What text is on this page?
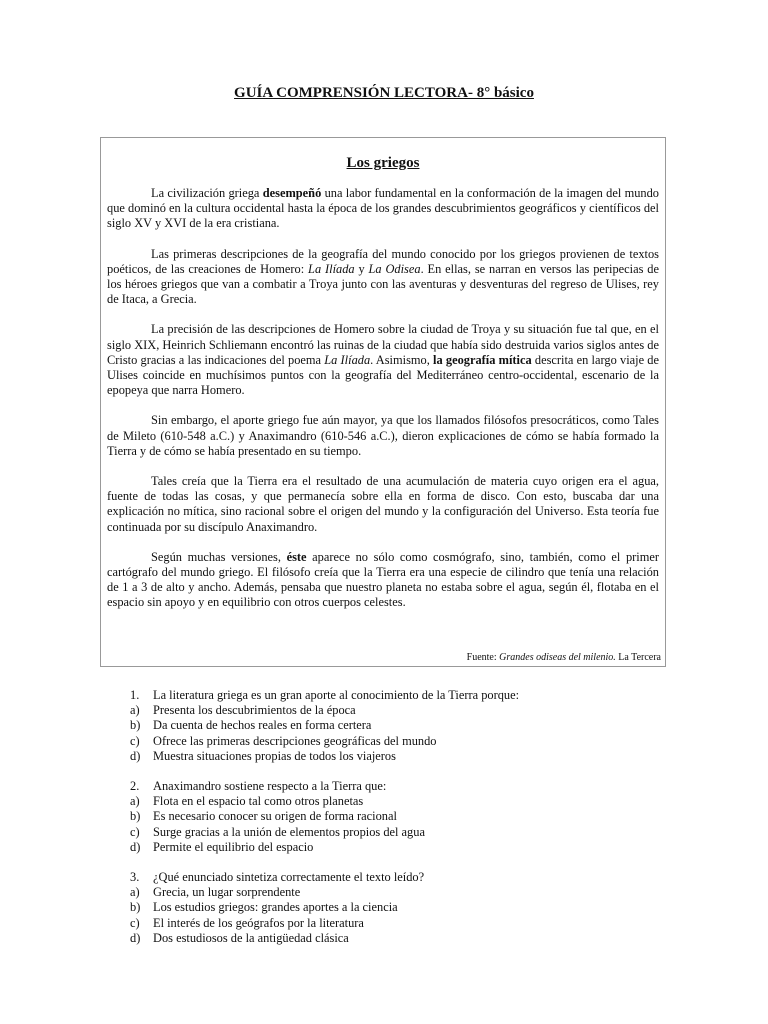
GUÍA COMPRENSIÓN LECTORA- 8° básico
Los griegos

La civilización griega desempeñó una labor fundamental en la conformación de la imagen del mundo que dominó en la cultura occidental hasta la época de los grandes descubrimientos geográficos y científicos del siglo XV y XVI de la era cristiana.

Las primeras descripciones de la geografía del mundo conocido por los griegos provienen de textos poéticos, de las creaciones de Homero: La Ilíada y La Odisea. En ellas, se narran en versos las peripecias de los héroes griegos que van a combatir a Troya junto con las aventuras y desventuras del regreso de Ulises, rey de Itaca, a Grecia.

La precisión de las descripciones de Homero sobre la ciudad de Troya y su situación fue tal que, en el siglo XIX, Heinrich Schliemann encontró las ruinas de la ciudad que había sido destruida varios siglos antes de Cristo gracias a las indicaciones del poema La Ilíada. Asimismo, la geografía mítica descrita en largo viaje de Ulises coincide en muchísimos puntos con la geografía del Mediterráneo centro-occidental, escenario de la epopeya que narra Homero.

Sin embargo, el aporte griego fue aún mayor, ya que los llamados filósofos presocráticos, como Tales de Mileto (610-548 a.C.) y Anaximandro (610-546 a.C.), dieron explicaciones de cómo se había formado la Tierra y de cómo se había presentado en su tiempo.

Tales creía que la Tierra era el resultado de una acumulación de materia cuyo origen era el agua, fuente de todas las cosas, y que permanecía sobre ella en forma de disco. Con esto, buscaba dar una explicación no mítica, sino racional sobre el origen del mundo y la configuración del Universo. Esta teoría fue continuada por su discípulo Anaximandro.

Según muchas versiones, éste aparece no sólo como cosmógrafo, sino, también, como el primer cartógrafo del mundo griego. El filósofo creía que la Tierra era una especie de cilindro que tenía una relación de 1 a 3 de alto y ancho. Además, pensaba que nuestro planeta no estaba sobre el agua, según él, flotaba en el espacio sin apoyo y en equilibrio con otros cuerpos celestes.

Fuente: Grandes odiseas del milenio. La Tercera
1.	La literatura griega es un gran aporte al conocimiento de la Tierra porque:
a)	Presenta los descubrimientos de la época
b)	Da cuenta de hechos reales en forma certera
c)	Ofrece las primeras descripciones geográficas del mundo
d)	Muestra situaciones propias de todos los viajeros
2.	Anaximandro sostiene respecto a la Tierra que:
a)	Flota en el espacio tal como otros planetas
b)	Es necesario conocer su origen de forma racional
c)	Surge gracias a la unión de elementos propios del agua
d)	Permite el equilibrio del espacio
3.	¿Qué enunciado sintetiza correctamente el texto leído?
a)	Grecia, un lugar sorprendente
b)	Los estudios griegos: grandes aportes a la ciencia
c)	El interés de los geógrafos por la literatura
d)	Dos estudiosos de la antigüedad clásica
